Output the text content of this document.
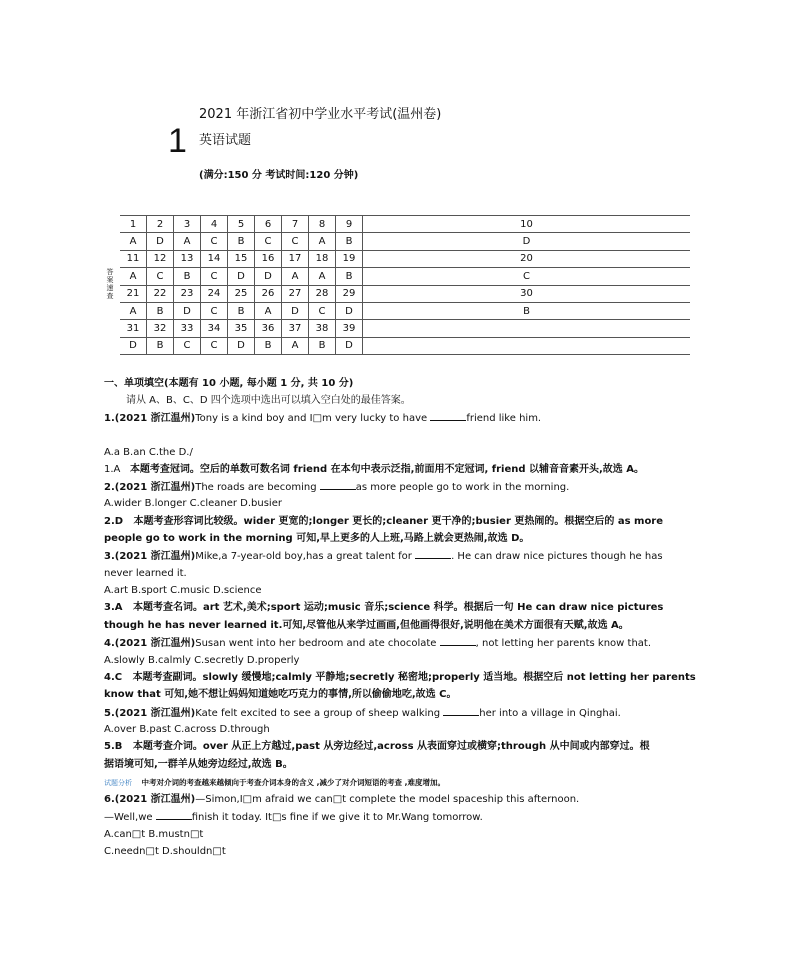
1
2021 年浙江省初中学业水平考试(温州卷)
英语试题
(满分:150 分 考试时间:120 分钟)
答案速查
1	2	3	4	5	6	7	8	9	10
A	D	A	C	B	C	C	A	B	D
11	12	13	14	15	16	17	18	19	20
A	C	B	C	D	D	A	A	B	C
21	22	23	24	25	26	27	28	29	30
A	B	D	C	B	A	D	C	D	B
31	32	33	34	35	36	37	38	39	
D	B	C	C	D	B	A	B	D	
一、单项填空(本题有 10 小题, 每小题 1 分, 共 10 分)
请从 A、B、C、D 四个选项中选出可以填入空白处的最佳答案。
1.(2021 浙江温州)Tony is a kind boy and I□m very lucky to have	friend like him.
A.a B.an C.the D./
1.A 本题考查冠词。空后的单数可数名词 friend 在本句中表示泛指,前面用不定冠词, friend 以辅音音素开头,故选 A。
2.(2021 浙江温州)The roads are becoming	as more people go to work in the morning.
A.wider B.longer C.cleaner D.busier
2.D 本题考查形容词比较级。wider 更宽的;longer 更长的;cleaner 更干净的;busier 更热闹的。根据空后的 as more
people go to work in the morning 可知,早上更多的人上班,马路上就会更热闹,故选 D。
3.(2021 浙江温州)Mike,a 7-year-old boy,has a great talent for	. He can draw nice pictures though he has
never learned it.
A.art B.sport C.music D.science
3.A 本题考查名词。art 艺术,美术;sport 运动;music 音乐;science 科学。根据后一句 He can draw nice pictures
though he has never learned it.可知,尽管他从来学过画画,但他画得很好,说明他在美术方面很有天赋,故选 A。
4.(2021 浙江温州)Susan went into her bedroom and ate chocolate	, not letting her parents know that.
A.slowly B.calmly C.secretly D.properly
4.C 本题考查副词。slowly 缓慢地;calmly 平静地;secretly 秘密地;properly 适当地。根据空后 not letting her parents
know that 可知,她不想让妈妈知道她吃巧克力的事情,所以偷偷地吃,故选 C。
5.(2021 浙江温州)Kate felt excited to see a group of sheep walking	her into a village in Qinghai.
A.over B.past C.across D.through
5.B 本题考查介词。over 从正上方越过,past 从旁边经过,across 从表面穿过或横穿;through 从中间或内部穿过。根
据语境可知,一群羊从她旁边经过,故选 B。
试题分析 中考对介词的考查越来越倾向于考查介词本身的含义 ,减少了对介词短语的考查 ,难度增加。
6.(2021 浙江温州)—Simon,I□m afraid we can□t complete the model spaceship this afternoon.
—Well,we	finish it today. It□s fine if we give it to Mr.Wang tomorrow.
A.can□t B.mustn□t
C.needn□t D.shouldn□t
